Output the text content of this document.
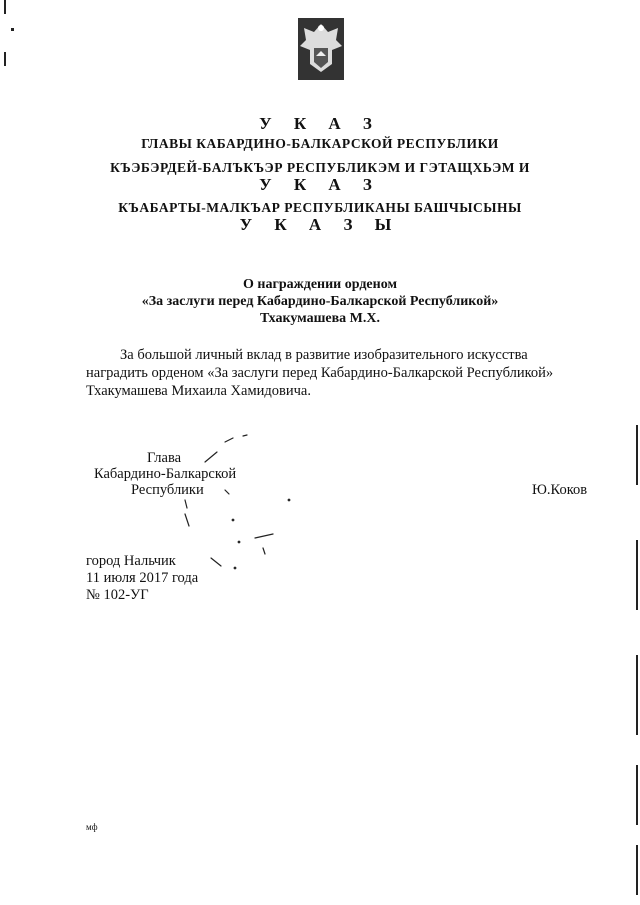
У К А З
ГЛАВЫ КАБАРДИНО-БАЛКАРСКОЙ РЕСПУБЛИКИ
КЪЭБЭРДЕЙ-БАЛЪКЪЭР РЕСПУБЛИКЭМ И ГЭТАЩХЬЭМ И
У К А З
КЪАБАРТЫ-МАЛКЪАР РЕСПУБЛИКАНЫ БАШЧЫСЫНЫ
У К А З Ы
О награждении орденом
«За заслуги перед Кабардино-Балкарской Республикой»
Тхакумашева М.Х.
За большой личный вклад в развитие изобразительного искусства
наградить орденом «За заслуги перед Кабардино-Балкарской Республикой»
Тхакумашева Михаила Хамидовича.
Глава
Кабардино-Балкарской
Республики	Ю.Коков
город Нальчик
11 июля 2017 года
№ 102-УГ
мф
